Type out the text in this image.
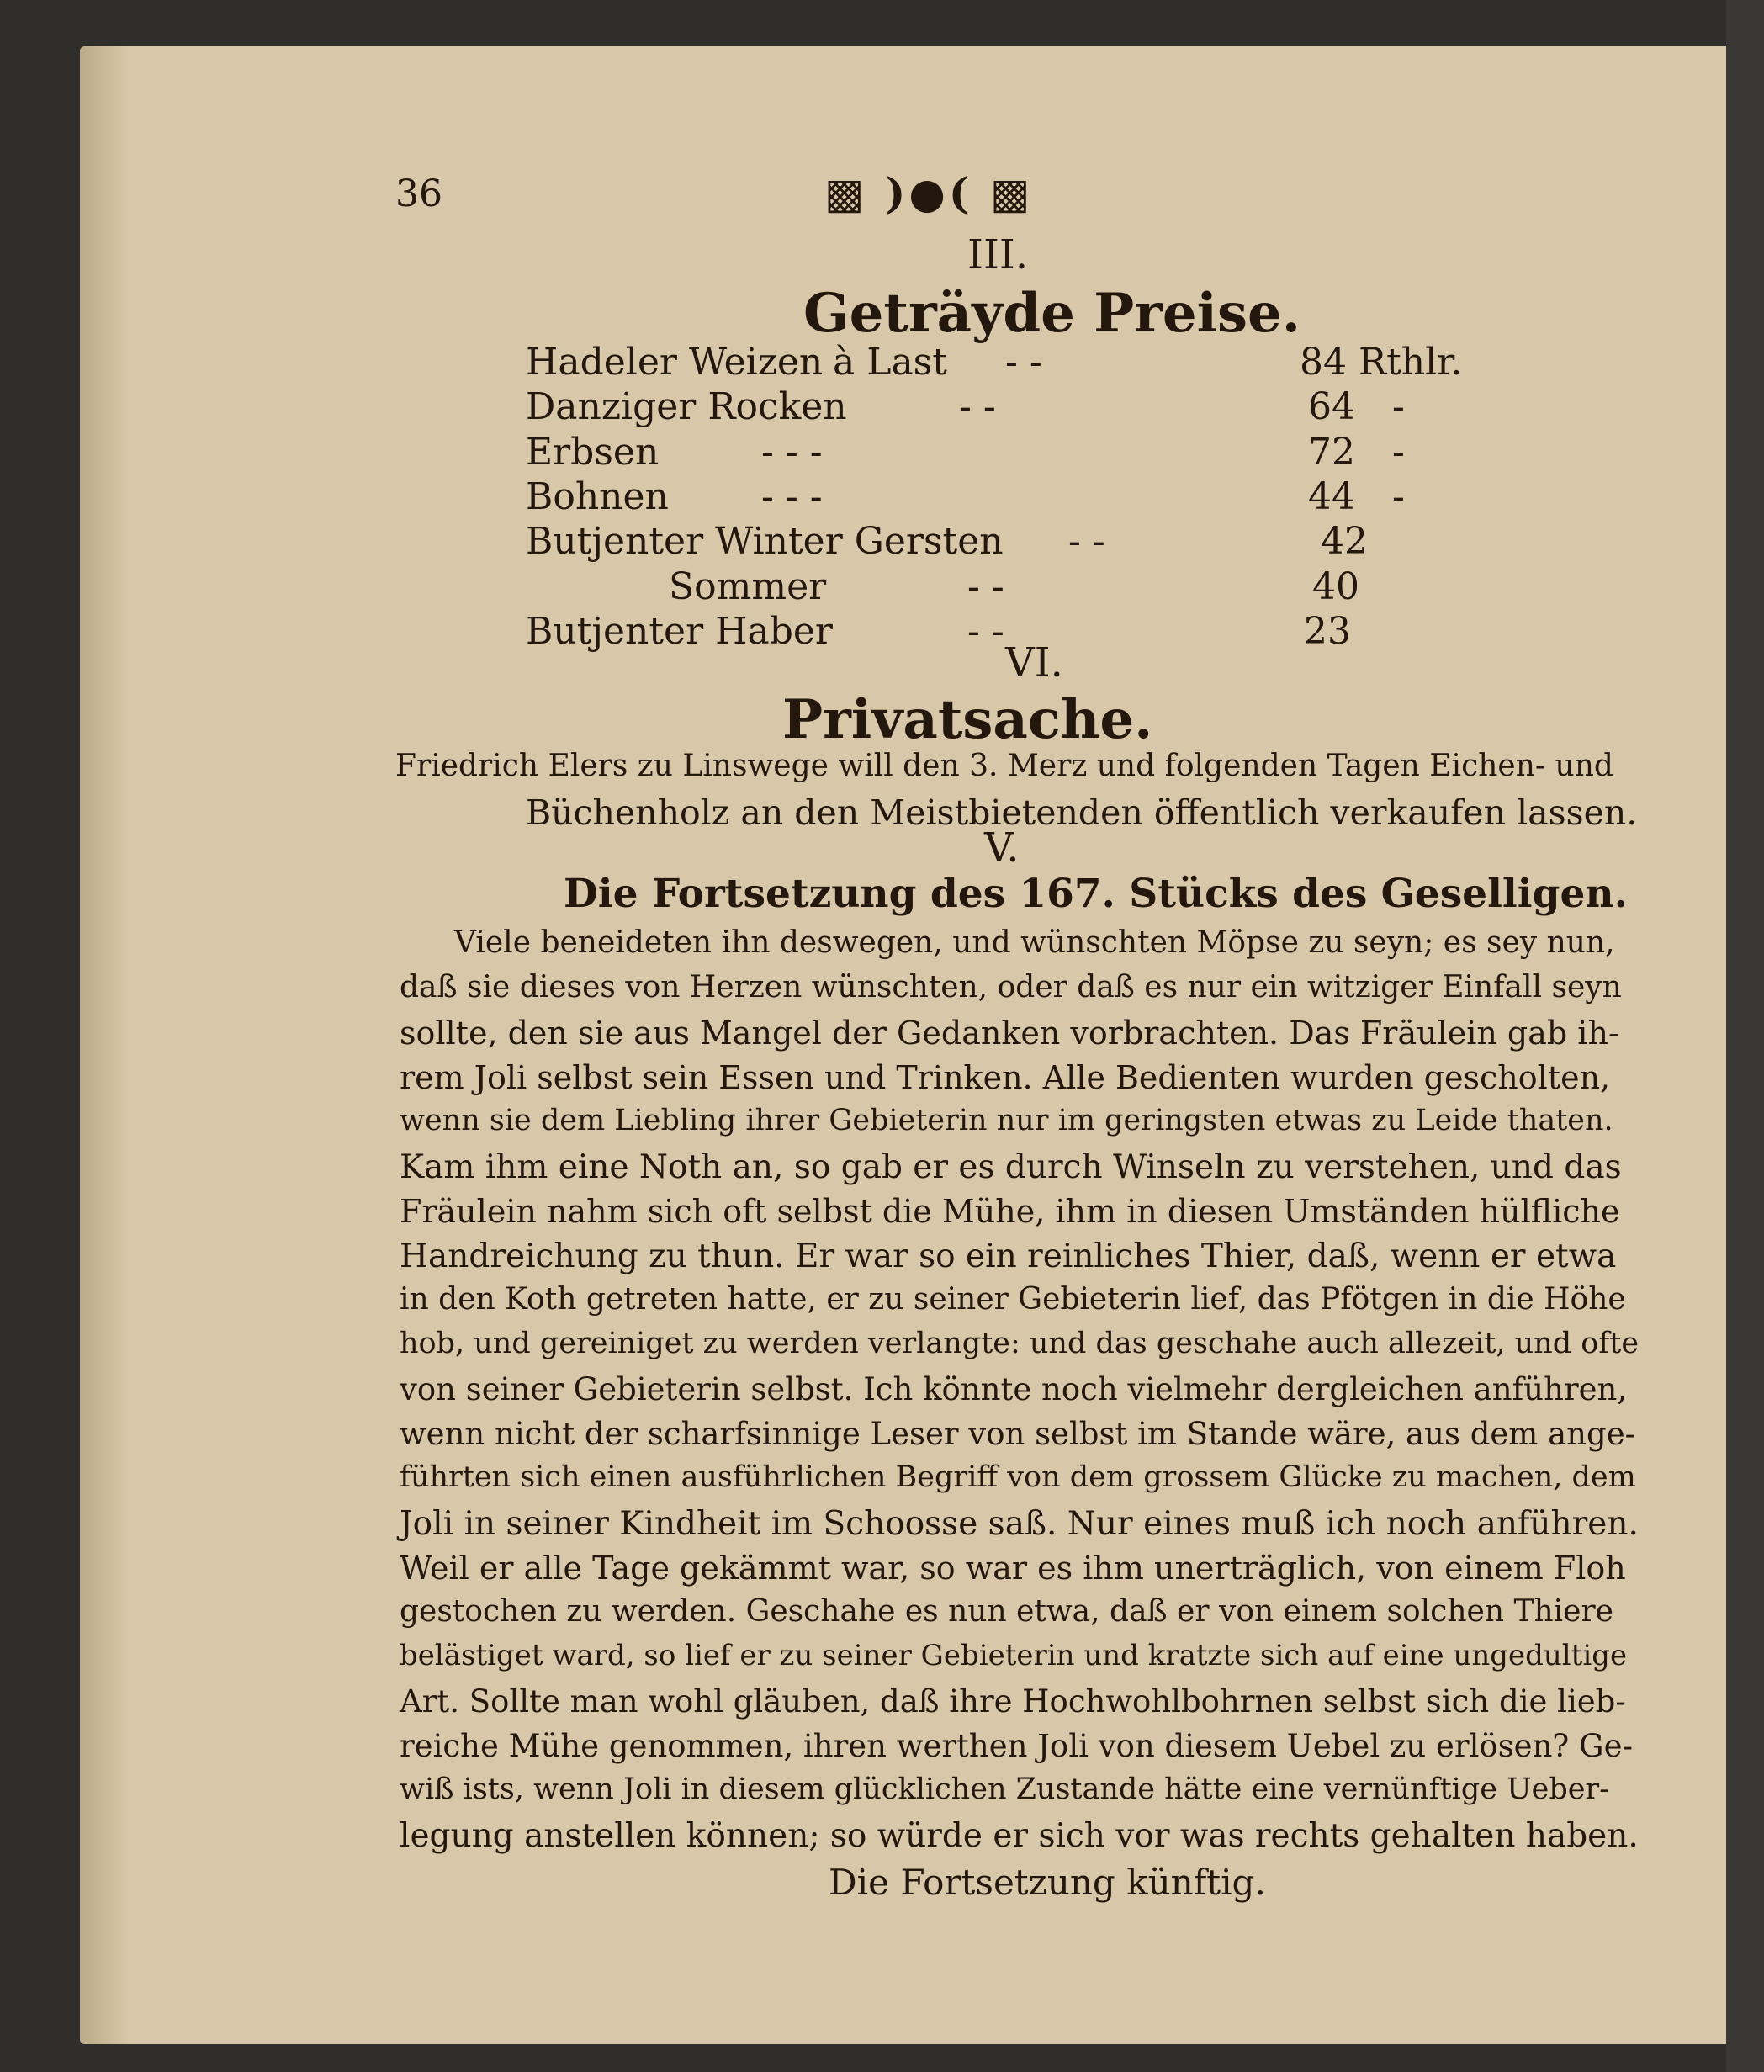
36	▩ )●( ▩
III.
Geträyde Preise.
Hadeler Weizen à Last - -	84 Rthlr.
Danziger Rocken	- -	64 -
Erbsen	- - -	72 -
Bohnen	- - -	44 -
Butjenter Winter Gersten - -	42
Sommer	- -	40
Butjenter Haber	- -	23
VI.
Privatsache.
Friedrich Elers zu Linswege will den 3. Merz und folgenden Tagen Eichen- und
Büchenholz an den Meistbietenden öffentlich verkaufen lassen.
V.
Die Fortsetzung des 167. Stücks des Geselligen.
Viele beneideten ihn deswegen, und wünschten Möpse zu seyn; es sey nun,
daß sie dieses von Herzen wünschten, oder daß es nur ein witziger Einfall seyn
sollte, den sie aus Mangel der Gedanken vorbrachten. Das Fräulein gab ih-
rem Joli selbst sein Essen und Trinken. Alle Bedienten wurden gescholten,
wenn sie dem Liebling ihrer Gebieterin nur im geringsten etwas zu Leide thaten.
Kam ihm eine Noth an, so gab er es durch Winseln zu verstehen, und das
Fräulein nahm sich oft selbst die Mühe, ihm in diesen Umständen hülfliche
Handreichung zu thun. Er war so ein reinliches Thier, daß, wenn er etwa
in den Koth getreten hatte, er zu seiner Gebieterin lief, das Pfötgen in die Höhe
hob, und gereiniget zu werden verlangte: und das geschahe auch allezeit, und ofte
von seiner Gebieterin selbst. Ich könnte noch vielmehr dergleichen anführen,
wenn nicht der scharfsinnige Leser von selbst im Stande wäre, aus dem ange-
führten sich einen ausführlichen Begriff von dem grossem Glücke zu machen, dem
Joli in seiner Kindheit im Schoosse saß. Nur eines muß ich noch anführen.
Weil er alle Tage gekämmt war, so war es ihm unerträglich, von einem Floh
gestochen zu werden. Geschahe es nun etwa, daß er von einem solchen Thiere
belästiget ward, so lief er zu seiner Gebieterin und kratzte sich auf eine ungedultige
Art. Sollte man wohl gläuben, daß ihre Hochwohlbohrnen selbst sich die lieb-
reiche Mühe genommen, ihren werthen Joli von diesem Uebel zu erlösen? Ge-
wiß ists, wenn Joli in diesem glücklichen Zustande hätte eine vernünftige Ueber-
legung anstellen können; so würde er sich vor was rechts gehalten haben.
Die Fortsetzung künftig.
